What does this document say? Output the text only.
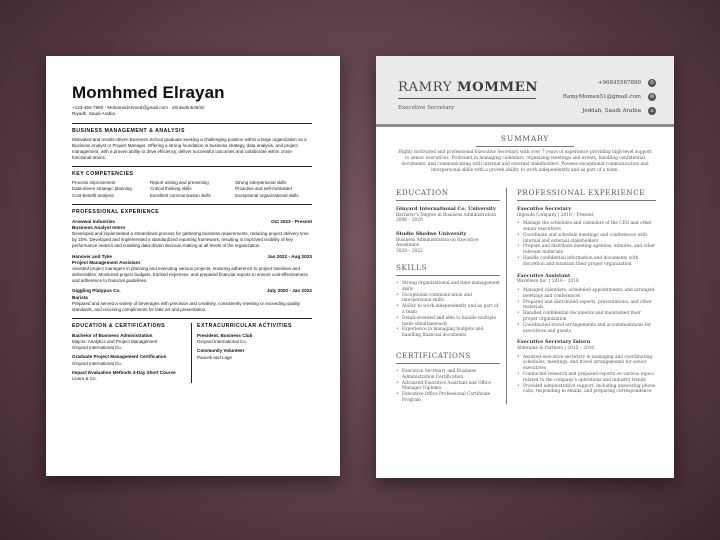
Momhmed Elrayan
+123-456-7890 · MohamedAhmed@gmail.com · drinkedin545/in/
Riyadh, Saudi Arabia
BUSINESS MANAGEMENT & ANALYSIS
Motivated and results-driven Business School graduate seeking a challenging position within a large organization as a Business Analyst or Project Manager. Offering a strong foundation in business strategy, data analysis, and project management, with a proven ability to drive efficiency, deliver successful outcomes and collaborate within cross-functional teams.
KEY COMPETENCIES
Process improvement	Report writing and presenting	Strong interpersonal skills
Data-driven strategic planning	Critical thinking skills	Proactive and self-motivated
Cost-benefit analysis	Excellent communication skills	Exceptional organizational skills
PROFESSIONAL EXPERIENCE
Arowwai Industries	Oct 2023 - Present
Business Analyst Intern
Developed and implemented a streamlined process for gathering business requirements, reducing project delivery time by 15%. Developed and implemented a standardized reporting framework, resulting in improved visibility of key performance metrics and enabling data-driven decision-making at all levels of the organization.
Hanover and Tyke	Jan 2022 - Aug 2023
Project Management Assistant
Assisted project managers in planning and executing various projects, ensuring adherence to project timelines and deliverables. Monitored project budgets, tracked expenses, and prepared financial reports to ensure cost-effectiveness and adherence to financial guidelines.
Giggling Platypus Co.	July 2020 - Jan 2022
Barista
Prepared and served a variety of beverages with precision and creativity, consistently meeting or exceeding quality standards, and receiving compliments for latte art and presentation.
EDUCATION & CERTIFICATIONS
Bachelor of Business Administration
Majors: Analytics and Project Management
Ginyard International Co.
Graduate Project Management Certification
Ginyard International Co.
Impact Evaluation Methods 3-Day Short Course
Licero & Co.
EXTRACURRICULAR ACTIVITIES
President, Business Club
Ginyard International Co.
Community Volunteer
Paucek and Lage
RAMRY MOMMEN
Executive Secretary
+96845567890	✆
RamyMomen51@gmail.com	✉
Jeddah, Saudi Arabia	⌂
SUMMARY
Highly motivated and professional Executive Secretary with over 7 years of experience providing high-level support to senior executives. Proficient in managing calendars, organizing meetings and events, handling confidential documents, and communicating with internal and external stakeholders. Possess exceptional communication and interpersonal skills with a proven ability to work independently and as part of a team.
EDUCATION
Ginyard International Co. University
Bachelor's Degree in Business Administration
2006 – 2020
Studio Shodwe University
Business Administration on Executive Assistance
2020 – 2022
SKILLS
• Strong organizational and time-management skills
• Exceptional communication and interpersonal skills
• Ability to work independently and as part of a team
• Detail-oriented and able to handle multiple tasks simultaneously
• Experience in managing budgets and handling financial documents
CERTIFICATIONS
• Executive Secretary and Business Administration Certification
• Advanced Executive Assistant and Office Manager Diploma
• Executive Office Professional Certificate Program
PROFESSIONAL EXPERIENCE
Executive Secretary
Ingoude Company | 2016 – Present
• Manage the schedules and calendars of the CEO and other senior executives
• Coordinate and schedule meetings and conferences with internal and external stakeholders
• Prepare and distribute meeting agendas, minutes, and other relevant materials
• Handle confidential information and documents with discretion and maintain their proper organization
Executive Assistant
Warellere Inc. | 2016 – 2018
• Managed calendars, scheduled appointments, and arranged meetings and conferences
• Prepared and distributed reports, presentations, and other materials
• Handled confidential documents and maintained their proper organization
• Coordinated travel arrangements and accommodations for executives and guests
Executive Secretary Intern
Alderaine & Partners | 2015 – 2016
• Assisted executive secretary in managing and coordinating schedules, meetings, and travel arrangements for senior executives
• Conducted research and prepared reports on various topics related to the company's operations and industry trends
• Provided administrative support, including answering phone calls, responding to emails, and preparing correspondence
